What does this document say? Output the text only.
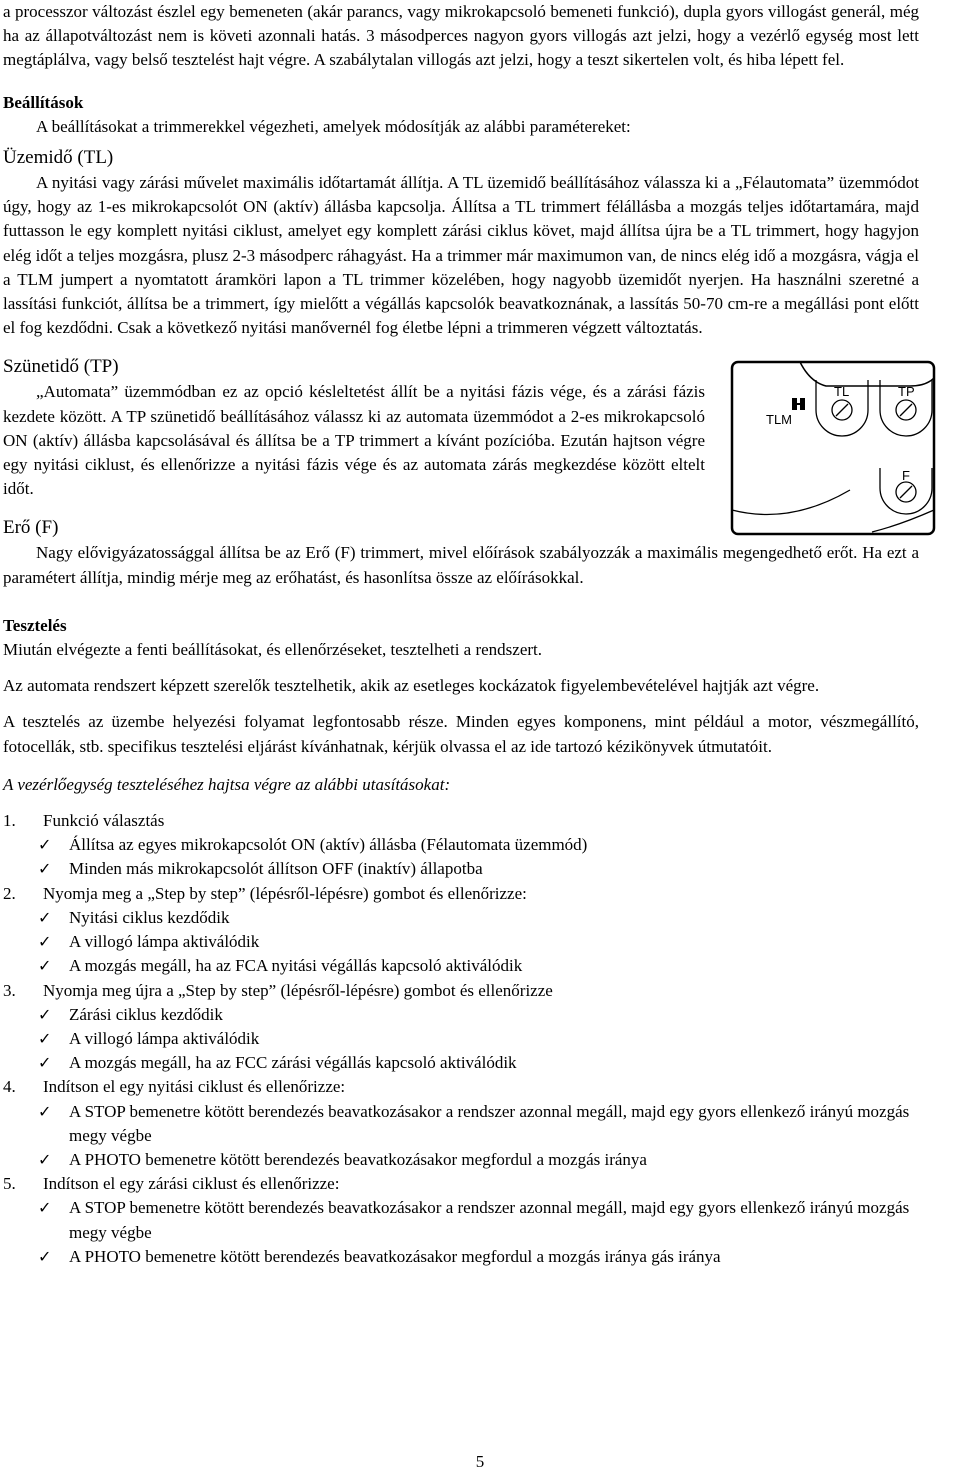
a processzor változást észlel egy bemeneten (akár parancs, vagy mikrokapcsoló bemeneti funkció), dupla gyors villogást generál, még ha az állapotváltozást nem is követi azonnali hatás. 3 másodperces nagyon gyors villogás azt jelzi, hogy a vezérlő egység most lett megtáplálva, vagy belső tesztelést hajt végre. A szabálytalan villogás azt jelzi, hogy a teszt sikertelen volt, és hiba lépett fel.

Beállítások

A beállításokat a trimmerekkel végezheti, amelyek módosítják az alábbi paramétereket:

Üzemidő (TL)

A nyitási vagy zárási művelet maximális időtartamát állítja. A TL üzemidő beállításához válassza ki a „Félautomata” üzemmódot úgy, hogy az 1-es mikrokapcsolót ON (aktív) állásba kapcsolja. Állítsa a TL trimmert félállásba a mozgás teljes időtartamára, majd futtasson le egy komplett nyitási ciklust, amelyet egy komplett zárási ciklus követ, majd állítsa újra be a TL trimmert, hogy hagyjon elég időt a teljes mozgásra, plusz 2-3 másodperc ráhagyást. Ha a trimmer már maximumon van, de nincs elég idő a mozgásra, vágja el a TLM jumpert a nyomtatott áramköri lapon a TL trimmer közelében, hogy nagyobb üzemidőt nyerjen. Ha használni szeretné a lassítási funkciót, állítsa be a trimmert, így mielőtt a végállás kapcsolók beavatkoznának, a lassítás 50-70 cm-re a megállási pont előtt el fog kezdődni. Csak a következő nyitási manővernél fog életbe lépni a trimmeren végzett változtatás.

Szünetidő (TP)

„Automata” üzemmódban ez az opció késleltetést állít be a nyitási fázis vége, és a zárási fázis kezdete között. A TP szünetidő beállításához válassz ki az automata üzemmódot a 2-es mikrokapcsoló ON (aktív) állásba kapcsolásával és állítsa be a TP trimmert a kívánt pozícióba. Ezután hajtson végre egy nyitási ciklust, és ellenőrizze a nyitási fázis vége és az automata zárás megkezdése között eltelt időt.

TL	TP
TLM
F
Erő (F)

Nagy elővigyázatossággal állítsa be az Erő (F) trimmert, mivel előírások szabályozzák a maximális megengedhető erőt. Ha ezt a paramétert állítja, mindig mérje meg az erőhatást, és hasonlítsa össze az előírásokkal.

Tesztelés

Miután elvégezte a fenti beállításokat, és ellenőrzéseket, tesztelheti a rendszert.

Az automata rendszert képzett szerelők tesztelhetik, akik az esetleges kockázatok figyelembevételével hajtják azt végre.

A tesztelés az üzembe helyezési folyamat legfontosabb része. Minden egyes komponens, mint például a motor, vészmegállító, fotocellák, stb. specifikus tesztelési eljárást kívánhatnak, kérjük olvassa el az ide tartozó kézikönyvek útmutatóit.

A vezérlőegység teszteléséhez hajtsa végre az alábbi utasításokat:

1.	Funkció választás
✓	Állítsa az egyes mikrokapcsolót ON (aktív) állásba (Félautomata üzemmód)
✓	Minden más mikrokapcsolót állítson OFF (inaktív) állapotba
2.	Nyomja meg a „Step by step” (lépésről-lépésre) gombot és ellenőrizze:
✓	Nyitási ciklus kezdődik
✓	A villogó lámpa aktiválódik
✓	A mozgás megáll, ha az FCA nyitási végállás kapcsoló aktiválódik
3.	Nyomja meg újra a „Step by step” (lépésről-lépésre) gombot és ellenőrizze
✓	Zárási ciklus kezdődik
✓	A villogó lámpa aktiválódik
✓	A mozgás megáll, ha az FCC zárási végállás kapcsoló aktiválódik
4.	Indítson el egy nyitási ciklust és ellenőrizze:
✓	A STOP bemenetre kötött berendezés beavatkozásakor a rendszer azonnal megáll, majd egy gyors ellenkező irányú mozgás megy végbe
✓	A PHOTO bemenetre kötött berendezés beavatkozásakor megfordul a mozgás iránya
5.	Indítson el egy zárási ciklust és ellenőrizze:
✓	A STOP bemenetre kötött berendezés beavatkozásakor a rendszer azonnal megáll, majd egy gyors ellenkező irányú mozgás megy végbe
✓	A PHOTO bemenetre kötött berendezés beavatkozásakor megfordul a mozgás iránya gás iránya
5
